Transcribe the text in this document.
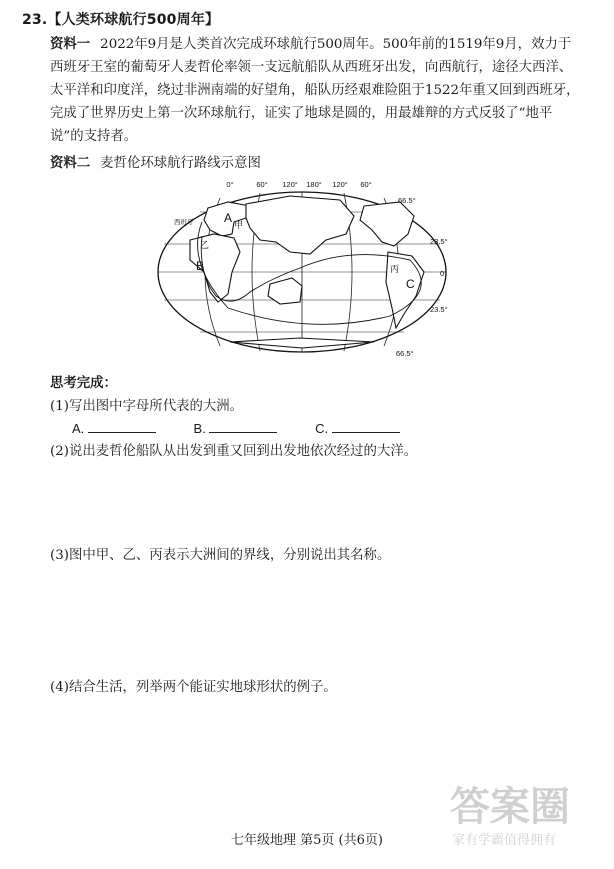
23.【人类环球航行500周年】
资料一 2022年9月是人类首次完成环球航行500周年。500年前的1519年9月，效力于
西班牙王室的葡萄牙人麦哲伦率领一支远航船队从西班牙出发，向西航行，途径大西洋、
太平洋和印度洋，绕过非洲南端的好望角，船队历经艰难险阻于1522年重又回到西班牙，
完成了世界历史上第一次环球航行，证实了地球是圆的，用最雄辩的方式反驳了“地平
说”的支持者。
资料二 麦哲伦环球航行路线示意图
0°	60° 120° 180° 120° 60°
66.5°
23.5°
0°
23.5°
66.5°
西班牙	A 甲
乙
B	丙
C
思考完成：
(1)写出图中字母所代表的大洲。
A.	B.	C.
(2)说出麦哲伦船队从出发到重又回到出发地依次经过的大洋。
(3)图中甲、乙、丙表示大洲间的界线，分别说出其名称。
(4)结合生活，列举两个能证实地球形状的例子。
七年级地理 第5页 (共6页)
答案圈
家有学霸值得拥有
